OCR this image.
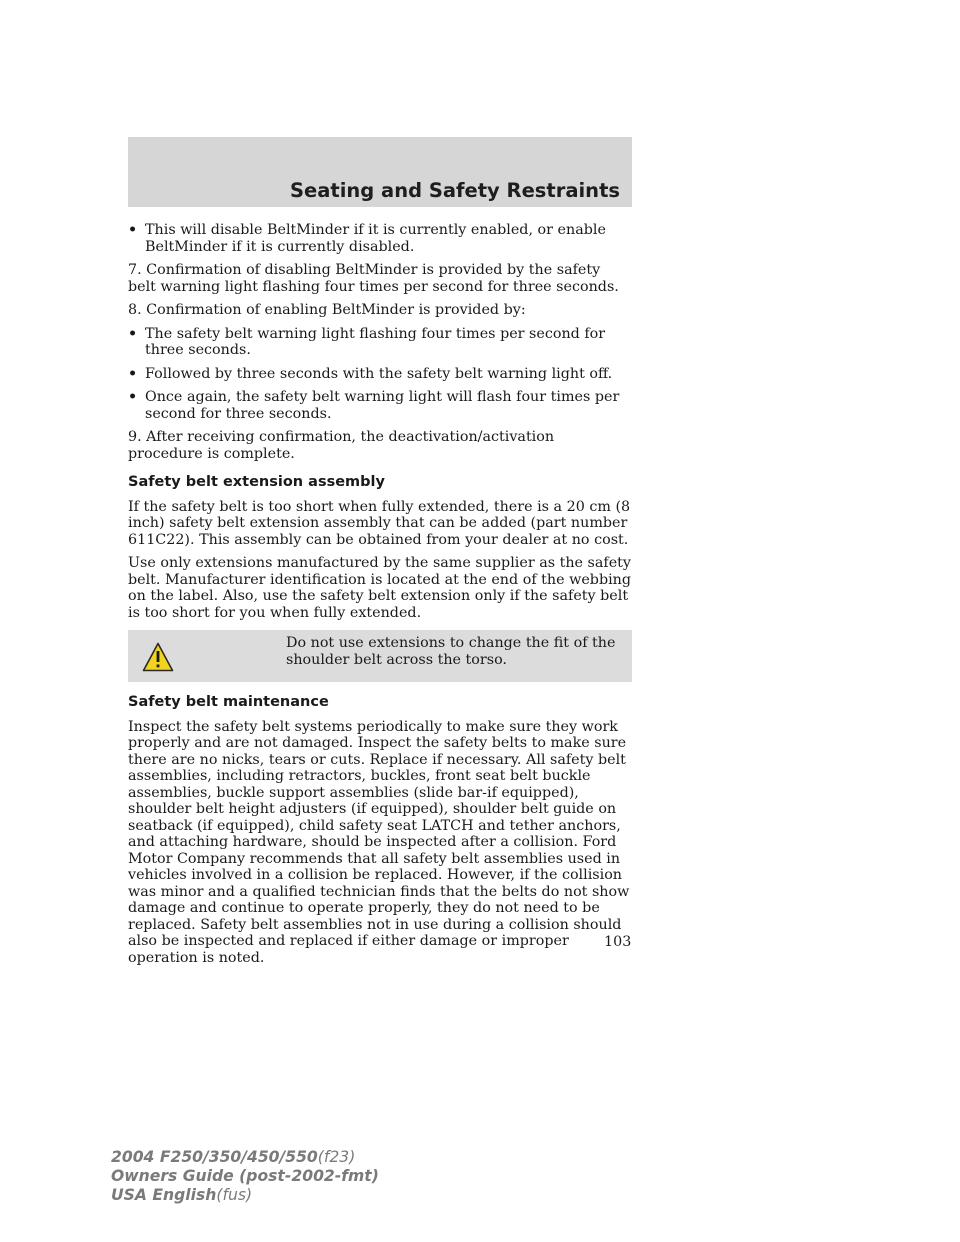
Seating and Safety Restraints
• This will disable BeltMinder if it is currently enabled, or enable BeltMinder if it is currently disabled.

7. Confirmation of disabling BeltMinder is provided by the safety belt warning light flashing four times per second for three seconds.

8. Confirmation of enabling BeltMinder is provided by:

• The safety belt warning light flashing four times per second for three seconds.
• Followed by three seconds with the safety belt warning light off.
• Once again, the safety belt warning light will flash four times per second for three seconds.

9. After receiving confirmation, the deactivation/activation procedure is complete.

Safety belt extension assembly

If the safety belt is too short when fully extended, there is a 20 cm (8 inch) safety belt extension assembly that can be added (part number 611C22). This assembly can be obtained from your dealer at no cost.

Use only extensions manufactured by the same supplier as the safety belt. Manufacturer identification is located at the end of the webbing on the label. Also, use the safety belt extension only if the safety belt is too short for you when fully extended.

Do not use extensions to change the fit of the shoulder belt across the torso.
Safety belt maintenance

Inspect the safety belt systems periodically to make sure they work properly and are not damaged. Inspect the safety belts to make sure there are no nicks, tears or cuts. Replace if necessary. All safety belt assemblies, including retractors, buckles, front seat belt buckle assemblies, buckle support assemblies (slide bar-if equipped), shoulder belt height adjusters (if equipped), shoulder belt guide on seatback (if equipped), child safety seat LATCH and tether anchors, and attaching hardware, should be inspected after a collision. Ford Motor Company recommends that all safety belt assemblies used in vehicles involved in a collision be replaced. However, if the collision was minor and a qualified technician finds that the belts do not show damage and continue to operate properly, they do not need to be replaced. Safety belt assemblies not in use during a collision should also be inspected and replaced if either damage or improper operation is noted.

103
2004 F250/350/450/550(f23)
Owners Guide (post-2002-fmt)
USA English(fus)
